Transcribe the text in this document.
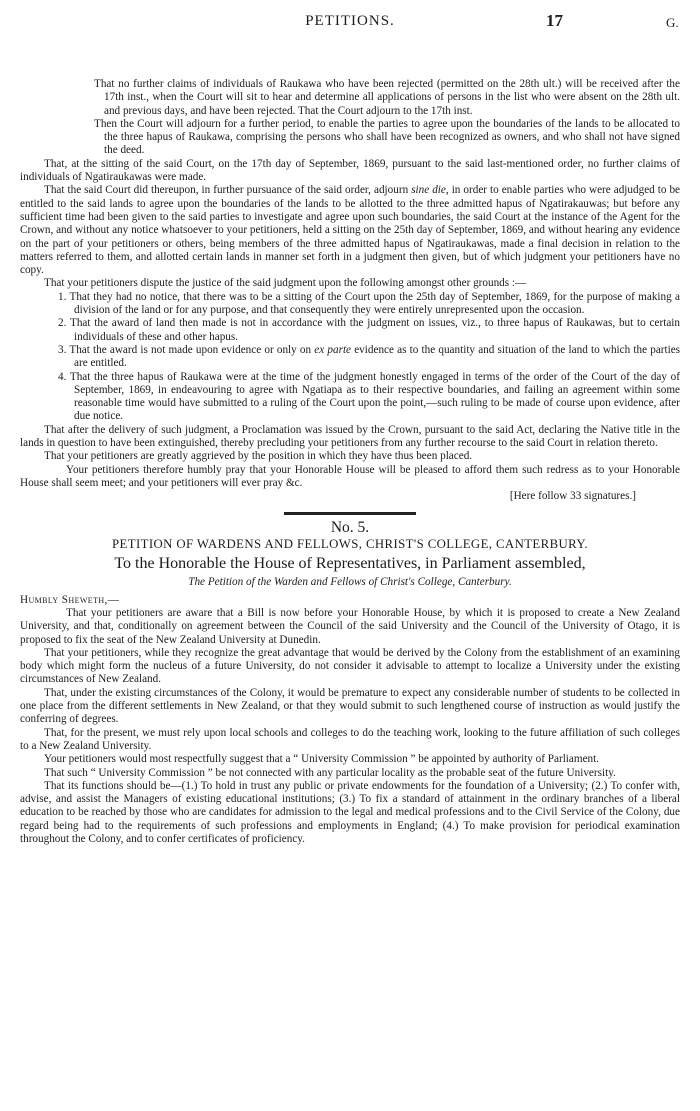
PETITIONS.	17	G.

That no further claims of individuals of Raukawa who have been rejected (permitted on the 28th ult.) will be received after the 17th inst., when the Court will sit to hear and determine all applications of persons in the list who were absent on the 28th ult. and previous days, and have been rejected. That the Court adjourn to the 17th inst.

Then the Court will adjourn for a further period, to enable the parties to agree upon the boundaries of the lands to be allocated to the three hapus of Raukawa, comprising the persons who shall have been recognized as owners, and who shall not have signed the deed.

That, at the sitting of the said Court, on the 17th day of September, 1869, pursuant to the said last-mentioned order, no further claims of individuals of Ngatiraukawas were made.

That the said Court did thereupon, in further pursuance of the said order, adjourn sine die, in order to enable parties who were adjudged to be entitled to the said lands to agree upon the boundaries of the lands to be allotted to the three admitted hapus of Ngatirakauwas; but before any sufficient time had been given to the said parties to investigate and agree upon such boundaries, the said Court at the instance of the Agent for the Crown, and without any notice whatsoever to your petitioners, held a sitting on the 25th day of September, 1869, and without hearing any evidence on the part of your petitioners or others, being members of the three admitted hapus of Ngatiraukawas, made a final decision in relation to the matters referred to them, and allotted certain lands in manner set forth in a judgment then given, but of which judgment your petitioners have no copy.

That your petitioners dispute the justice of the said judgment upon the following amongst other grounds :—

1. That they had no notice, that there was to be a sitting of the Court upon the 25th day of September, 1869, for the purpose of making a division of the land or for any purpose, and that consequently they were entirely unrepresented upon the occasion.

2. That the award of land then made is not in accordance with the judgment on issues, viz., to three hapus of Raukawas, but to certain individuals of these and other hapus.

3. That the award is not made upon evidence or only on ex parte evidence as to the quantity and situation of the land to which the parties are entitled.

4. That the three hapus of Raukawa were at the time of the judgment honestly engaged in terms of the order of the Court of the day of September, 1869, in endeavouring to agree with Ngatiapa as to their respective boundaries, and failing an agreement within some reasonable time would have submitted to a ruling of the Court upon the point,—such ruling to be made of course upon evidence, after due notice.

That after the delivery of such judgment, a Proclamation was issued by the Crown, pursuant to the said Act, declaring the Native title in the lands in question to have been extinguished, thereby precluding your petitioners from any further recourse to the said Court in relation thereto.

That your petitioners are greatly aggrieved by the position in which they have thus been placed.

Your petitioners therefore humbly pray that your Honorable House will be pleased to afford them such redress as to your Honorable House shall seem meet; and your petitioners will ever pray &c.

[Here follow 33 signatures.]

No. 5.
PETITION OF WARDENS AND FELLOWS, CHRIST'S COLLEGE, CANTERBURY.
To the Honorable the House of Representatives, in Parliament assembled,
The Petition of the Warden and Fellows of Christ's College, Canterbury.

Humbly Sheweth,—

That your petitioners are aware that a Bill is now before your Honorable House, by which it is proposed to create a New Zealand University, and that, conditionally on agreement between the Council of the said University and the Council of the University of Otago, it is proposed to fix the seat of the New Zealand University at Dunedin.

That your petitioners, while they recognize the great advantage that would be derived by the Colony from the establishment of an examining body which might form the nucleus of a future University, do not consider it advisable to attempt to localize a University under the existing circumstances of New Zealand.

That, under the existing circumstances of the Colony, it would be premature to expect any considerable number of students to be collected in one place from the different settlements in New Zealand, or that they would submit to such lengthened course of instruction as would justify the conferring of degrees.

That, for the present, we must rely upon local schools and colleges to do the teaching work, looking to the future affiliation of such colleges to a New Zealand University.

Your petitioners would most respectfully suggest that a “ University Commission ” be appointed by authority of Parliament.

That such “ University Commission ” be not connected with any particular locality as the probable seat of the future University.

That its functions should be—(1.) To hold in trust any public or private endowments for the foundation of a University; (2.) To confer with, advise, and assist the Managers of existing educational institutions; (3.) To fix a standard of attainment in the ordinary branches of a liberal education to be reached by those who are candidates for admission to the legal and medical professions and to the Civil Service of the Colony, due regard being had to the requirements of such professions and employments in England; (4.) To make provision for periodical examination throughout the Colony, and to confer certificates of proficiency.
